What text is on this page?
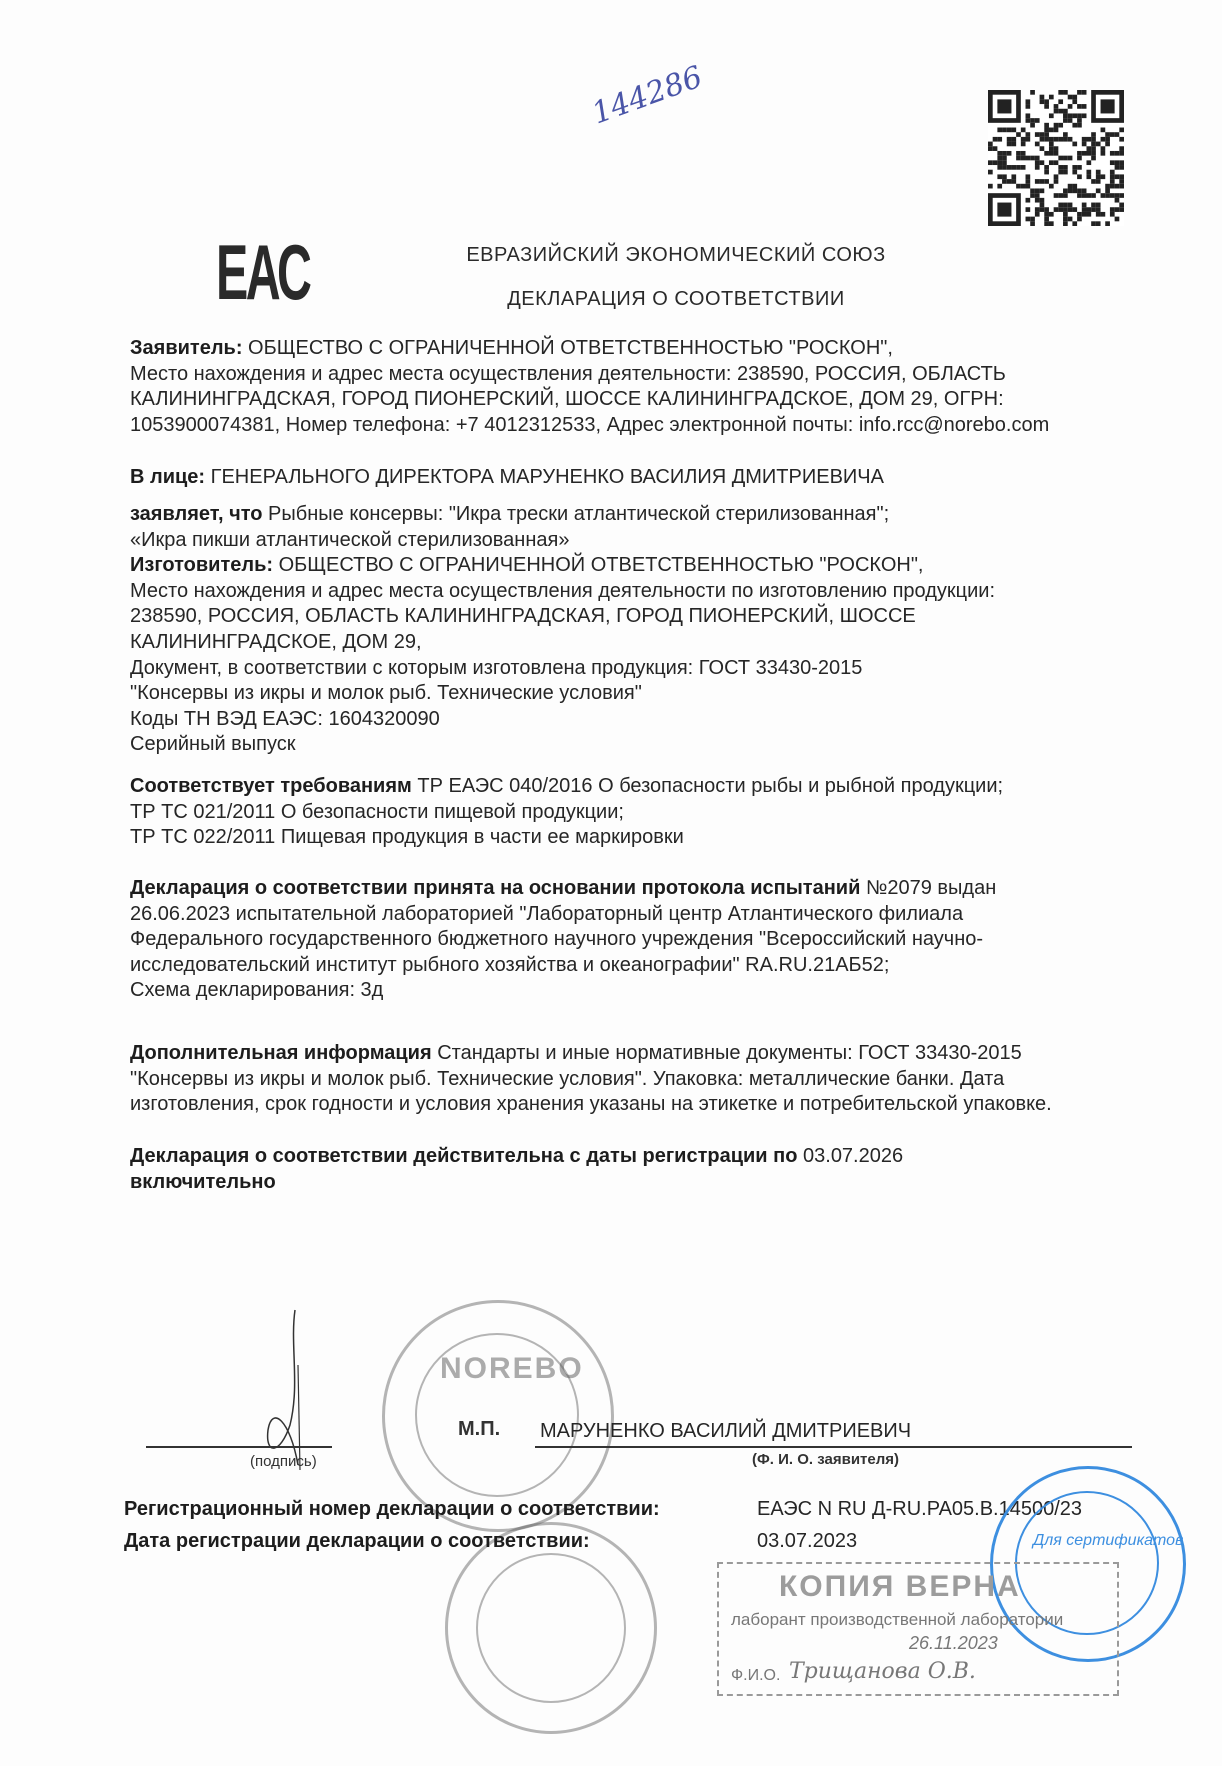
144286
ЕАС	ЕВРАЗИЙСКИЙ ЭКОНОМИЧЕСКИЙ СОЮЗ
ДЕКЛАРАЦИЯ О СООТВЕТСТВИИ
Заявитель: ОБЩЕСТВО С ОГРАНИЧЕННОЙ ОТВЕТСТВЕННОСТЬЮ "РОСКОН",
Место нахождения и адрес места осуществления деятельности: 238590, РОССИЯ, ОБЛАСТЬ
КАЛИНИНГРАДСКАЯ, ГОРОД ПИОНЕРСКИЙ, ШОССЕ КАЛИНИНГРАДСКОЕ, ДОМ 29, ОГРН:
1053900074381, Номер телефона: +7 4012312533, Адрес электронной почты: info.rcc@norebo.com
В лице: ГЕНЕРАЛЬНОГО ДИРЕКТОРА МАРУНЕНКО ВАСИЛИЯ ДМИТРИЕВИЧА
заявляет, что Рыбные консервы: "Икра трески атлантической стерилизованная";
«Икра пикши атлантической стерилизованная»
Изготовитель: ОБЩЕСТВО С ОГРАНИЧЕННОЙ ОТВЕТСТВЕННОСТЬЮ "РОСКОН",
Место нахождения и адрес места осуществления деятельности по изготовлению продукции:
238590, РОССИЯ, ОБЛАСТЬ КАЛИНИНГРАДСКАЯ, ГОРОД ПИОНЕРСКИЙ, ШОССЕ
КАЛИНИНГРАДСКОЕ, ДОМ 29,
Документ, в соответствии с которым изготовлена продукция: ГОСТ 33430-2015
"Консервы из икры и молок рыб. Технические условия"
Коды ТН ВЭД ЕАЭС: 1604320090
Серийный выпуск
Соответствует требованиям ТР ЕАЭС 040/2016 О безопасности рыбы и рыбной продукции;
ТР ТС 021/2011 О безопасности пищевой продукции;
ТР ТС 022/2011 Пищевая продукция в части ее маркировки
Декларация о соответствии принята на основании протокола испытаний №2079 выдан
26.06.2023 испытательной лабораторией "Лабораторный центр Атлантического филиала
Федерального государственного бюджетного научного учреждения "Всероссийский научно-
исследовательский институт рыбного хозяйства и океанографии" RA.RU.21АБ52;
Схема декларирования: 3д
Дополнительная информация Стандарты и иные нормативные документы: ГОСТ 33430-2015
"Консервы из икры и молок рыб. Технические условия". Упаковка: металлические банки. Дата
изготовления, срок годности и условия хранения указаны на этикетке и потребительской упаковке.
Декларация о соответствии действительна с даты регистрации по 03.07.2026
включительно
NOREBO
М.П. МАРУНЕНКО ВАСИЛИЙ ДМИТРИЕВИЧ
(подпись)	(Ф. И. О. заявителя)
Регистрационный номер декларации о соответствии:	ЕАЭС N RU Д-RU.PA05.B.14500/23
Дата регистрации декларации о соответствии:	03.07.2023	Для сертификатов
КОПИЯ ВЕРНА
лаборант производственной лаборатории
26.11.2023
Ф.И.О. Трищанова О.В.
